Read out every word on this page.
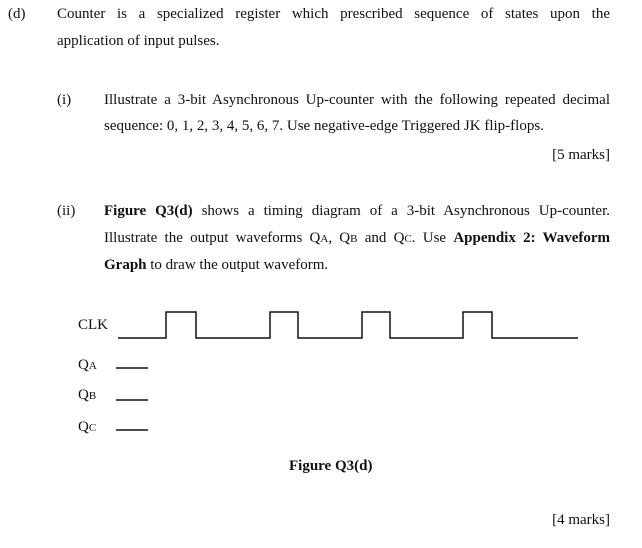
(d) Counter is a specialized register which prescribed sequence of states upon the
application of input pulses.
(i) Illustrate a 3-bit Asynchronous Up-counter with the following repeated decimal
sequence: 0, 1, 2, 3, 4, 5, 6, 7. Use negative-edge Triggered JK flip-flops.
[5 marks]
(ii) Figure Q3(d) shows a timing diagram of a 3-bit Asynchronous Up-counter.
Illustrate the output waveforms QA, QB and QC. Use Appendix 2: Waveform
Graph to draw the output waveform.
CLK
QA
QB
QC
Figure Q3(d)
[4 marks]
